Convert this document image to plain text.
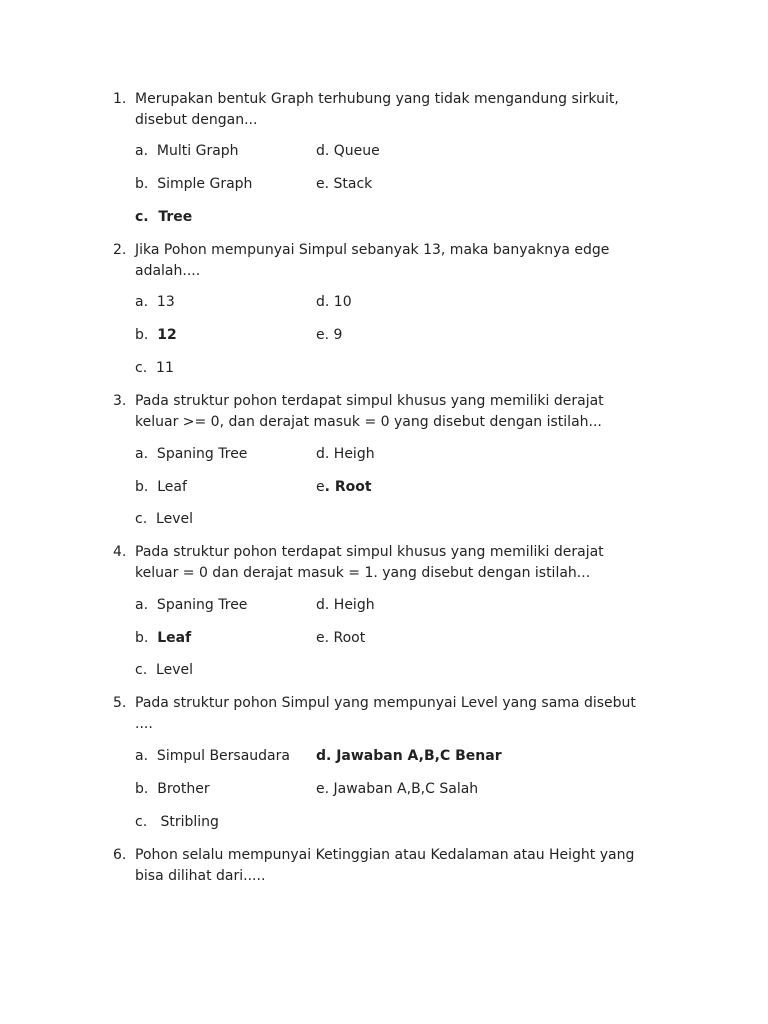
1. Merupakan bentuk Graph terhubung yang tidak mengandung sirkuit,
disebut dengan...
a.  Multi Graph	d. Queue
b.  Simple Graph	e. Stack
c.  Tree
2. Jika Pohon mempunyai Simpul sebanyak 13, maka banyaknya edge
adalah....
a.  13	d. 10
b.  12	e. 9
c.  11
3. Pada struktur pohon terdapat simpul khusus yang memiliki derajat
keluar >= 0, dan derajat masuk = 0 yang disebut dengan istilah...
a.  Spaning Tree	d. Heigh
b.  Leaf	e. Root
c.  Level
4. Pada struktur pohon terdapat simpul khusus yang memiliki derajat
keluar = 0 dan derajat masuk = 1. yang disebut dengan istilah...
a.  Spaning Tree	d. Heigh
b.  Leaf	e. Root
c.  Level
5. Pada struktur pohon Simpul yang mempunyai Level yang sama disebut
....
a.  Simpul Bersaudara d. Jawaban A,B,C Benar
b.  Brother	e. Jawaban A,B,C Salah
c.   Stribling
6. Pohon selalu mempunyai Ketinggian atau Kedalaman atau Height yang
bisa dilihat dari.....
